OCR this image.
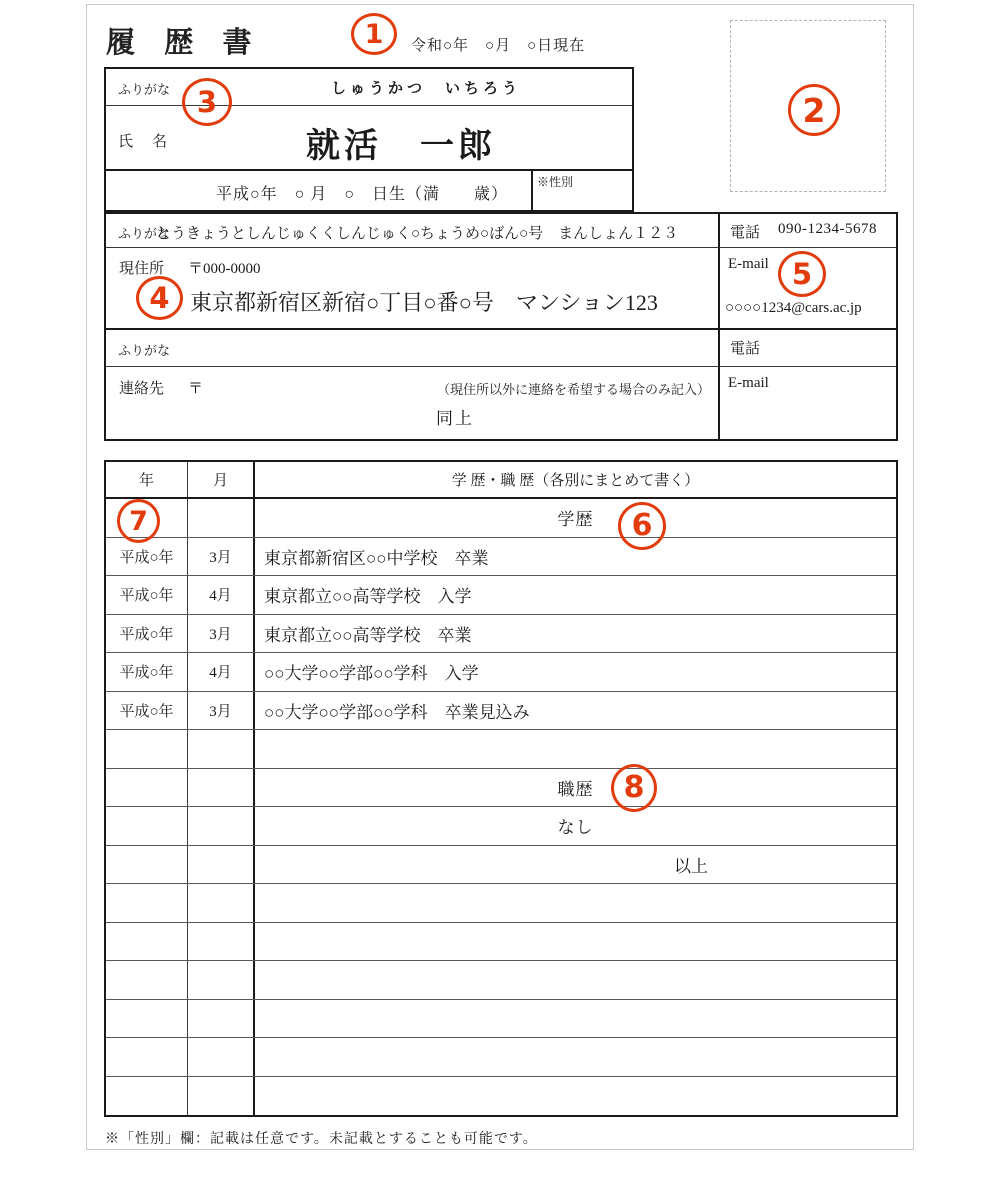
履 歴 書	令和○年　○月　○日現在
ふりがな	しゅうかつ　いちろう
氏　名	就活　一郎
平成○年　○ 月　○　日生（満　　歳）
※性別
ふりがな
とうきょうとしんじゅくくしんじゅく○ちょうめ○ばん○号　まんしょん１２３
現住所 〒000-0000
東京都新宿区新宿○丁目○番○号　マンション123
ふりがな
連絡先 〒	（現住所以外に連絡を希望する場合のみ記入）
同上
電話 090-1234-5678
E-mail
○○○○1234@cars.ac.jp
電話
E-mail
年	月	学 歴・職 歴（各別にまとめて書く）
学歴
平成○年	3月	東京都新宿区○○中学校　卒業
平成○年	4月	東京都立○○高等学校　入学
平成○年	3月	東京都立○○高等学校　卒業
平成○年	4月	○○大学○○学部○○学科　入学
平成○年	3月	○○大学○○学部○○学科　卒業見込み
職歴
なし
以上
※「性別」欄：記載は任意です。未記載とすることも可能です。
1
2
3
4
5
6
7
8
